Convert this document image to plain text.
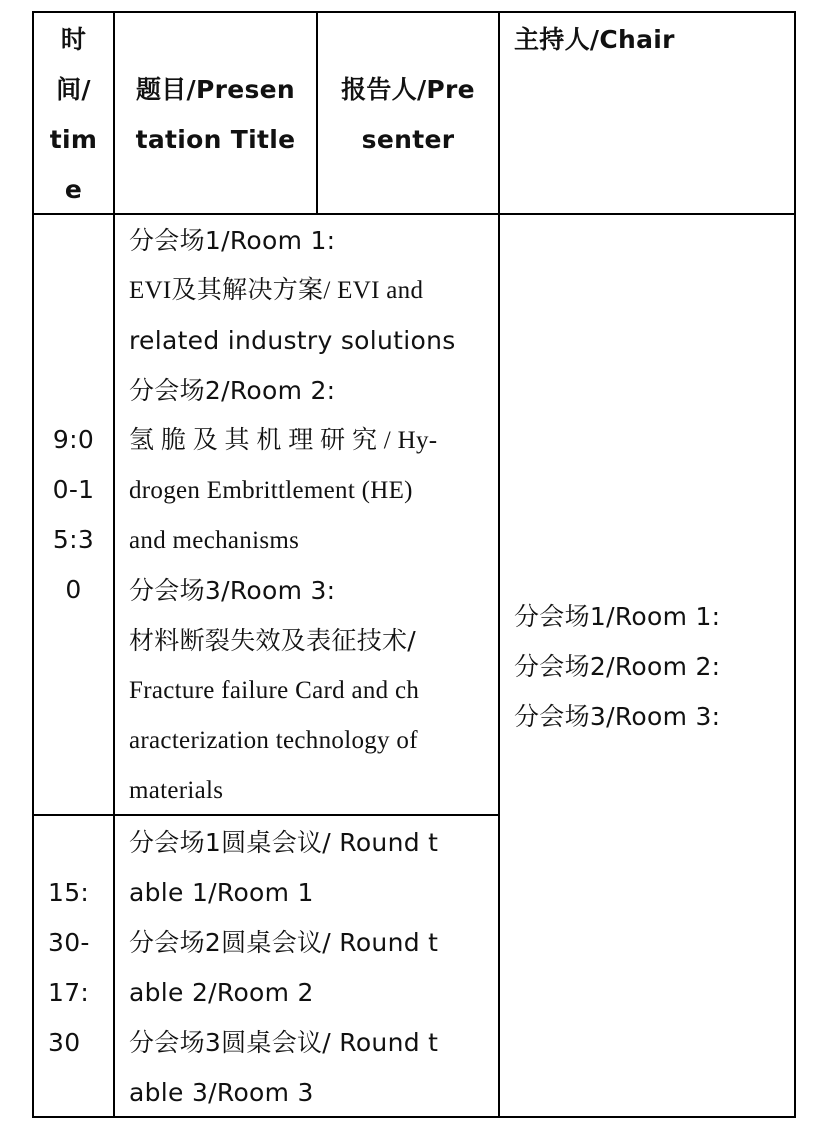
时
间/
tim
e
题目/Presen
tation Title
报告人/Pre
senter
主持人/Chair
9:0
0-1
5:3
0
分会场1/Room 1:
EVI及其解决方案/ EVI and
related industry solutions
分会场2/Room 2:
氢 脆 及 其 机 理 研 究 / Hy-
drogen Embrittlement (HE)
and mechanisms
分会场3/Room 3:
材料断裂失效及表征技术/
Fracture failure Card and ch
aracterization technology of
materials
分会场1/Room 1:
分会场2/Room 2:
分会场3/Room 3:
15:
30-
17:
30
分会场1圆桌会议/ Round t
able 1/Room 1
分会场2圆桌会议/ Round t
able 2/Room 2
分会场3圆桌会议/ Round t
able 3/Room 3
